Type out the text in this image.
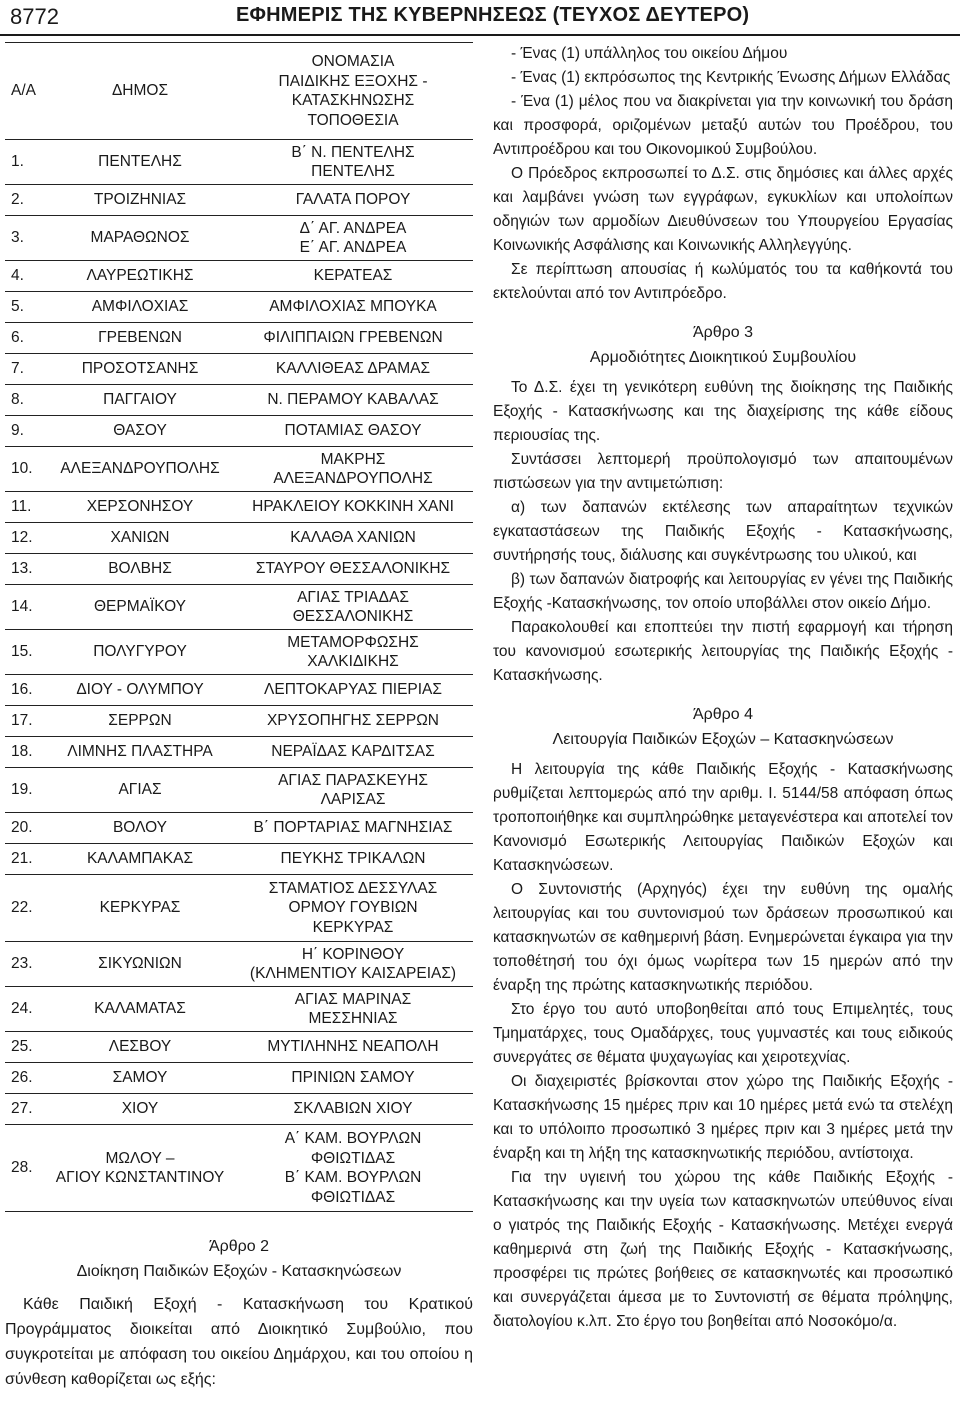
8772	ΕΦΗΜΕΡΙΣ ΤΗΣ ΚΥΒΕΡΝΗΣΕΩΣ (ΤΕΥΧΟΣ ΔΕΥΤΕΡΟ)
Α/Α	ΔΗΜΟΣ	ΟΝΟΜΑΣΙΑ
ΠΑΙΔΙΚΗΣ ΕΞΟΧΗΣ -
ΚΑΤΑΣΚΗΝΩΣΗΣ
ΤΟΠΟΘΕΣΙΑ

1.	ΠΕΝΤΕΛΗΣ	Β΄ Ν. ΠΕΝΤΕΛΗΣ
ΠΕΝΤΕΛΗΣ

2.	ΤΡΟΙΖΗΝΙΑΣ	ΓΑΛΑΤΑ ΠΟΡΟΥ

3.	ΜΑΡΑΘΩΝΟΣ	Δ΄ ΑΓ. ΑΝΔΡΕΑ
Ε΄ ΑΓ. ΑΝΔΡΕΑ

4.	ΛΑΥΡΕΩΤΙΚΗΣ	ΚΕΡΑΤΕΑΣ

5.	ΑΜΦΙΛΟΧΙΑΣ	ΑΜΦΙΛΟΧΙΑΣ ΜΠΟΥΚΑ

6.	ΓΡΕΒΕΝΩΝ	ΦΙΛΙΠΠΑΙΩΝ ΓΡΕΒΕΝΩΝ

7.	ΠΡΟΣΟΤΣΑΝΗΣ	ΚΑΛΛΙΘΕΑΣ ΔΡΑΜΑΣ

8.	ΠΑΓΓΑΙΟΥ	Ν. ΠΕΡΑΜΟΥ ΚΑΒΑΛΑΣ

9.	ΘΑΣΟΥ	ΠΟΤΑΜΙΑΣ ΘΑΣΟΥ

10.	ΑΛΕΞΑΝΔΡΟΥΠΟΛΗΣ	ΜΑΚΡΗΣ
ΑΛΕΞΑΝΔΡΟΥΠΟΛΗΣ

11.	ΧΕΡΣΟΝΗΣΟΥ	ΗΡΑΚΛΕΙΟΥ ΚΟΚΚΙΝΗ ΧΑΝΙ

12.	ΧΑΝΙΩΝ	ΚΑΛΑΘΑ ΧΑΝΙΩΝ

13.	ΒΟΛΒΗΣ	ΣΤΑΥΡΟΥ ΘΕΣΣΑΛΟΝΙΚΗΣ

14.	ΘΕΡΜΑΪΚΟΥ	ΑΓΙΑΣ ΤΡΙΑΔΑΣ
ΘΕΣΣΑΛΟΝΙΚΗΣ

15.	ΠΟΛΥΓΥΡΟΥ	ΜΕΤΑΜΟΡΦΩΣΗΣ
ΧΑΛΚΙΔΙΚΗΣ

16.	ΔΙΟΥ - ΟΛΥΜΠΟΥ	ΛΕΠΤΟΚΑΡΥΑΣ ΠΙΕΡΙΑΣ

17.	ΣΕΡΡΩΝ	ΧΡΥΣΟΠΗΓΗΣ ΣΕΡΡΩΝ

18.	ΛΙΜΝΗΣ ΠΛΑΣΤΗΡΑ	ΝΕΡΑΪΔΑΣ ΚΑΡΔΙΤΣΑΣ

19.	ΑΓΙΑΣ	ΑΓΙΑΣ ΠΑΡΑΣΚΕΥΗΣ
ΛΑΡΙΣΑΣ

20.	ΒΟΛΟΥ	Β΄ ΠΟΡΤΑΡΙΑΣ ΜΑΓΝΗΣΙΑΣ

21.	ΚΑΛΑΜΠΑΚΑΣ	ΠΕΥΚΗΣ ΤΡΙΚΑΛΩΝ

22.	ΚΕΡΚΥΡΑΣ	ΣΤΑΜΑΤΙΟΣ ΔΕΣΣΥΛΑΣ
ΟΡΜΟΥ ΓΟΥΒΙΩΝ
ΚΕΡΚΥΡΑΣ

23.	ΣΙΚΥΩΝΙΩΝ	Η΄ ΚΟΡΙΝΘΟΥ
(ΚΛΗΜΕΝΤΙΟΥ ΚΑΙΣΑΡΕΙΑΣ)

24.	ΚΑΛΑΜΑΤΑΣ	ΑΓΙΑΣ ΜΑΡΙΝΑΣ
ΜΕΣΣΗΝΙΑΣ

25.	ΛΕΣΒΟΥ	ΜΥΤΙΛΗΝΗΣ ΝΕΑΠΟΛΗ

26.	ΣΑΜΟΥ	ΠΡΙΝΙΩΝ ΣΑΜΟΥ

27.	ΧΙΟΥ	ΣΚΛΑΒΙΩΝ ΧΙΟΥ

28.	ΜΩΛΟΥ –
ΑΓΙΟΥ ΚΩΝΣΤΑΝΤΙΝΟΥ	Α΄ ΚΑΜ. ΒΟΥΡΛΩΝ
ΦΘΙΩΤΙΔΑΣ
Β΄ ΚΑΜ. ΒΟΥΡΛΩΝ
ΦΘΙΩΤΙΔΑΣ

Άρθρο 2

Διοίκηση Παιδικών Εξοχών - Κατασκηνώσεων

Κάθε Παιδική Εξοχή - Κατασκήνωση του Κρατικού Προγράμματος διοικείται από Διοικητικό Συμβούλιο, που συγκροτείται με απόφαση του οικείου Δημάρχου, και του οποίου η σύνθεση καθορίζεται ως εξής:

- Ένας (1) υπάλληλος του οικείου Δήμου

- Ένας (1) εκπρόσωπος της Κεντρικής Ένωσης Δήμων Ελλάδας

- Ένα (1) μέλος που να διακρίνεται για την κοινωνική του δράση και προσφορά, οριζομένων μεταξύ αυτών του Προέδρου, του Αντιπροέδρου και του Οικονομικού Συμβούλου.

Ο Πρόεδρος εκπροσωπεί το Δ.Σ. στις δημόσιες και άλλες αρχές και λαμβάνει γνώση των εγγράφων, εγκυκλίων και υπολοίπων οδηγιών των αρμοδίων Διευθύνσεων του Υπουργείου Εργασίας Κοινωνικής Ασφάλισης και Κοινωνικής Αλληλεγγύης.

Σε περίπτωση απουσίας ή κωλύματός του τα καθήκοντά του εκτελούνται από τον Αντιπρόεδρο.

Άρθρο 3

Αρμοδιότητες Διοικητικού Συμβουλίου

Το Δ.Σ. έχει τη γενικότερη ευθύνη της διοίκησης της Παιδικής Εξοχής - Κατασκήνωσης και της διαχείρισης της κάθε είδους περιουσίας της.

Συντάσσει λεπτομερή προϋπολογισμό των απαιτουμένων πιστώσεων για την αντιμετώπιση:

α) των δαπανών εκτέλεσης των απαραίτητων τεχνικών εγκαταστάσεων της Παιδικής Εξοχής - Κατασκήνωσης, συντήρησής τους, διάλυσης και συγκέντρωσης του υλικού, και

β) των δαπανών διατροφής και λειτουργίας εν γένει της Παιδικής Εξοχής -Κατασκήνωσης, τον οποίο υποβάλλει στον οικείο Δήμο.

Παρακολουθεί και εποπτεύει την πιστή εφαρμογή και τήρηση του κανονισμού εσωτερικής λειτουργίας της Παιδικής Εξοχής - Κατασκήνωσης.

Άρθρο 4

Λειτουργία Παιδικών Εξοχών – Κατασκηνώσεων

Η λειτουργία της κάθε Παιδικής Εξοχής - Κατασκήνωσης ρυθμίζεται λεπτομερώς από την αριθμ. Ι. 5144/58 απόφαση όπως τροποποιήθηκε και συμπληρώθηκε μεταγενέστερα και αποτελεί τον Κανονισμό Εσωτερικής Λειτουργίας Παιδικών Εξοχών και Κατασκηνώσεων.

Ο Συντονιστής (Αρχηγός) έχει την ευθύνη της ομαλής λειτουργίας και του συντονισμού των δράσεων προσωπικού και κατασκηνωτών σε καθημερινή βάση. Ενημερώνεται έγκαιρα για την τοποθέτησή του όχι όμως νωρίτερα των 15 ημερών από την έναρξη της πρώτης κατασκηνωτικής περιόδου.

Στο έργο του αυτό υποβοηθείται από τους Επιμελητές, τους Τμηματάρχες, τους Ομαδάρχες, τους γυμναστές και τους ειδικούς συνεργάτες σε θέματα ψυχαγωγίας και χειροτεχνίας.

Οι διαχειριστές βρίσκονται στον χώρο της Παιδικής Εξοχής - Κατασκήνωσης 15 ημέρες πριν και 10 ημέρες μετά ενώ τα στελέχη και το υπόλοιπο προσωπικό 3 ημέρες πριν και 3 ημέρες μετά την έναρξη και τη λήξη της κατασκηνωτικής περιόδου, αντίστοιχα.

Για την υγιεινή του χώρου της κάθε Παιδικής Εξοχής - Κατασκήνωσης και την υγεία των κατασκηνωτών υπεύθυνος είναι ο γιατρός της Παιδικής Εξοχής - Κατασκήνωσης. Μετέχει ενεργά καθημερινά στη ζωή της Παιδικής Εξοχής - Κατασκήνωσης, προσφέρει τις πρώτες βοήθειες σε κατασκηνωτές και προσωπικό και συνεργάζεται άμεσα με το Συντονιστή σε θέματα πρόληψης, διατολογίου κ.λπ. Στο έργο του βοηθείται από Νοσοκόμο/α.
